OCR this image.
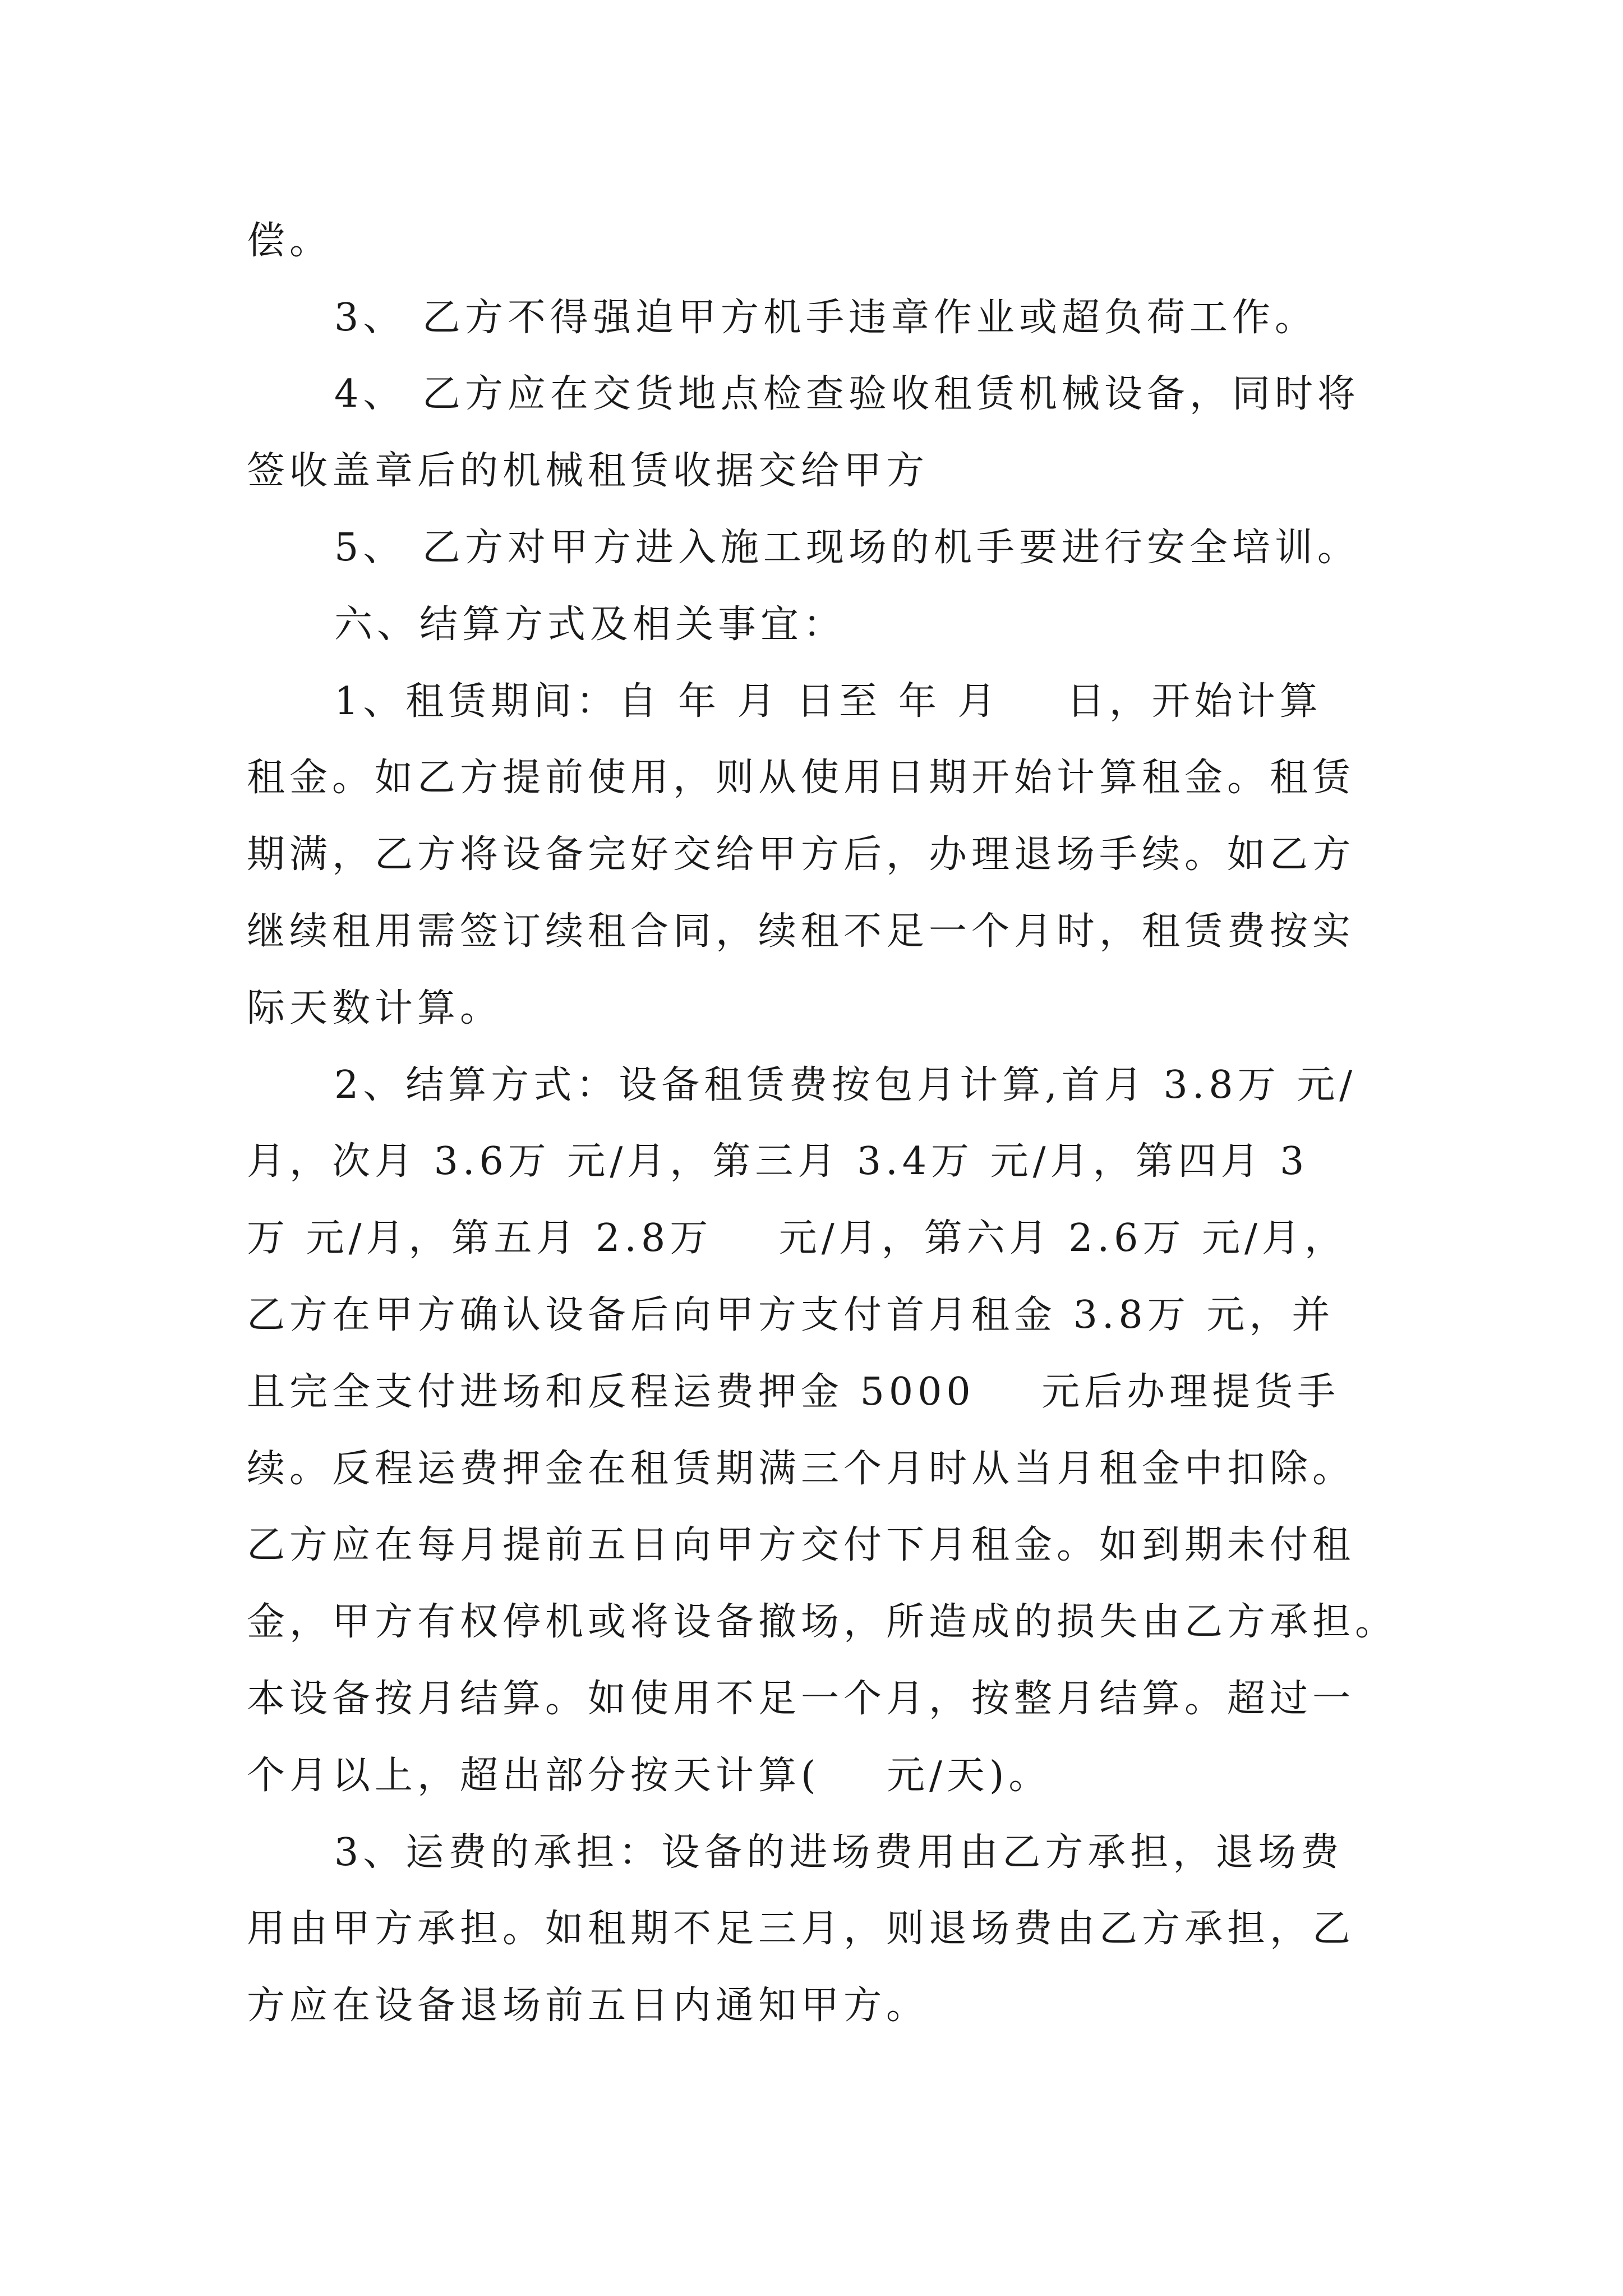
偿。
3、 乙方不得强迫甲方机手违章作业或超负荷工作。
4、 乙方应在交货地点检查验收租赁机械设备，同时将
签收盖章后的机械租赁收据交给甲方
5、 乙方对甲方进入施工现场的机手要进行安全培训。
六、结算方式及相关事宜：
1、租赁期间：自 年 月 日至 年 月    日，开始计算
租金。如乙方提前使用，则从使用日期开始计算租金。租赁
期满，乙方将设备完好交给甲方后，办理退场手续。如乙方
继续租用需签订续租合同，续租不足一个月时，租赁费按实
际天数计算。
2、结算方式：设备租赁费按包月计算,首月 3.8万 元/
月，次月 3.6万 元/月，第三月 3.4万 元/月，第四月 3
万 元/月，第五月 2.8万    元/月，第六月 2.6万 元/月，
乙方在甲方确认设备后向甲方支付首月租金 3.8万 元，并
且完全支付进场和反程运费押金 5000    元后办理提货手
续。反程运费押金在租赁期满三个月时从当月租金中扣除。
乙方应在每月提前五日向甲方交付下月租金。如到期未付租
金，甲方有权停机或将设备撤场，所造成的损失由乙方承担。
本设备按月结算。如使用不足一个月，按整月结算。超过一
个月以上，超出部分按天计算(    元/天)。
3、运费的承担：设备的进场费用由乙方承担，退场费
用由甲方承担。如租期不足三月，则退场费由乙方承担，乙
方应在设备退场前五日内通知甲方。
